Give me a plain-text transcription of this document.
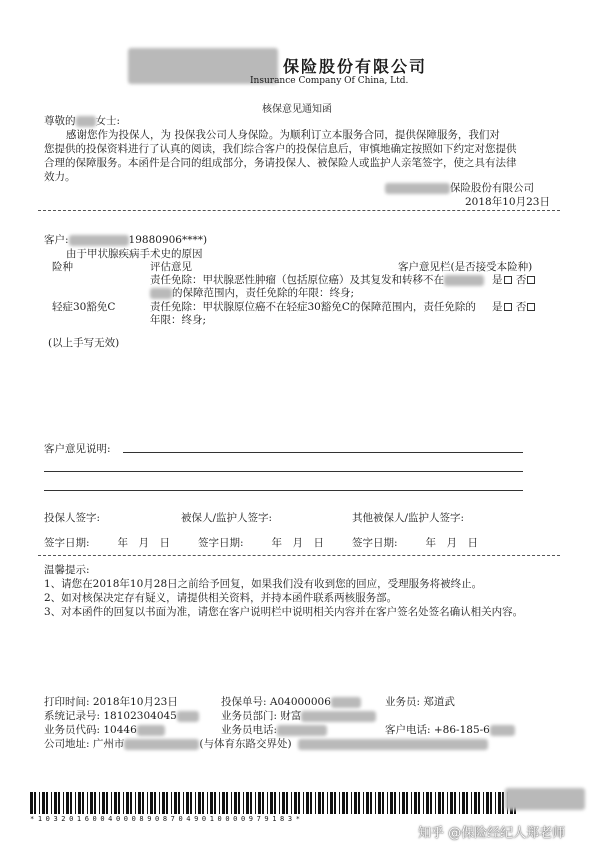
保险股份有限公司
Insurance Company Of China, Ltd.
核保意见通知函
尊敬的 女士:
感谢您作为投保人，为 投保我公司人身保险。为顺利订立本服务合同，提供保障服务，我们对
您提供的投保资料进行了认真的阅读，我们综合客户的投保信息后，审慎地确定按照如下约定对您提供
合理的保障服务。本函件是合同的组成部分，务请投保人、被保险人或监护人亲笔签字，使之具有法律
效力。
保险股份有限公司
2018年10月23日
客户:	19880906****)
由于甲状腺疾病手术史的原因
险种	评估意见	客户意见栏(是否接受本险种)
责任免除：甲状腺恶性肿瘤（包括原位癌）及其复发和转移不在	是 否
的保障范围内，责任免除的年限：终身;
轻症30豁免C	责任免除：甲状腺原位癌不在轻症30豁免C的保障范围内，责任免除的 是 否
年限：终身;
(以上手写无效)
客户意见说明:
投保人签字:	被保人/监护人签字:	其他被保人/监护人签字:
签字日期:	年　月　日	签字日期:	年　月　日	签字日期:	年　月　日
温馨提示:
1、请您在2018年10月28日之前给予回复，如果我们没有收到您的回应，受理服务将被终止。
2、如对核保决定存有疑义，请提供相关资料，并持本函件联系两核服务部。
3、对本函件的回复以书面为准，请您在客户说明栏中说明相关内容并在客户签名处签名确认相关内容。
打印时间: 2018年10月23日	投保单号: A04000006	业务员: 郑道武
系统记录号: 18102304045	业务员部门: 财富
业务员代码: 10446	业务员电话:	客户电话: +86-185-6
公司地址: 广州市	(与体育东路交界处)
*103201600400089087049010000979183*
知乎 @保险经纪人郑老师
